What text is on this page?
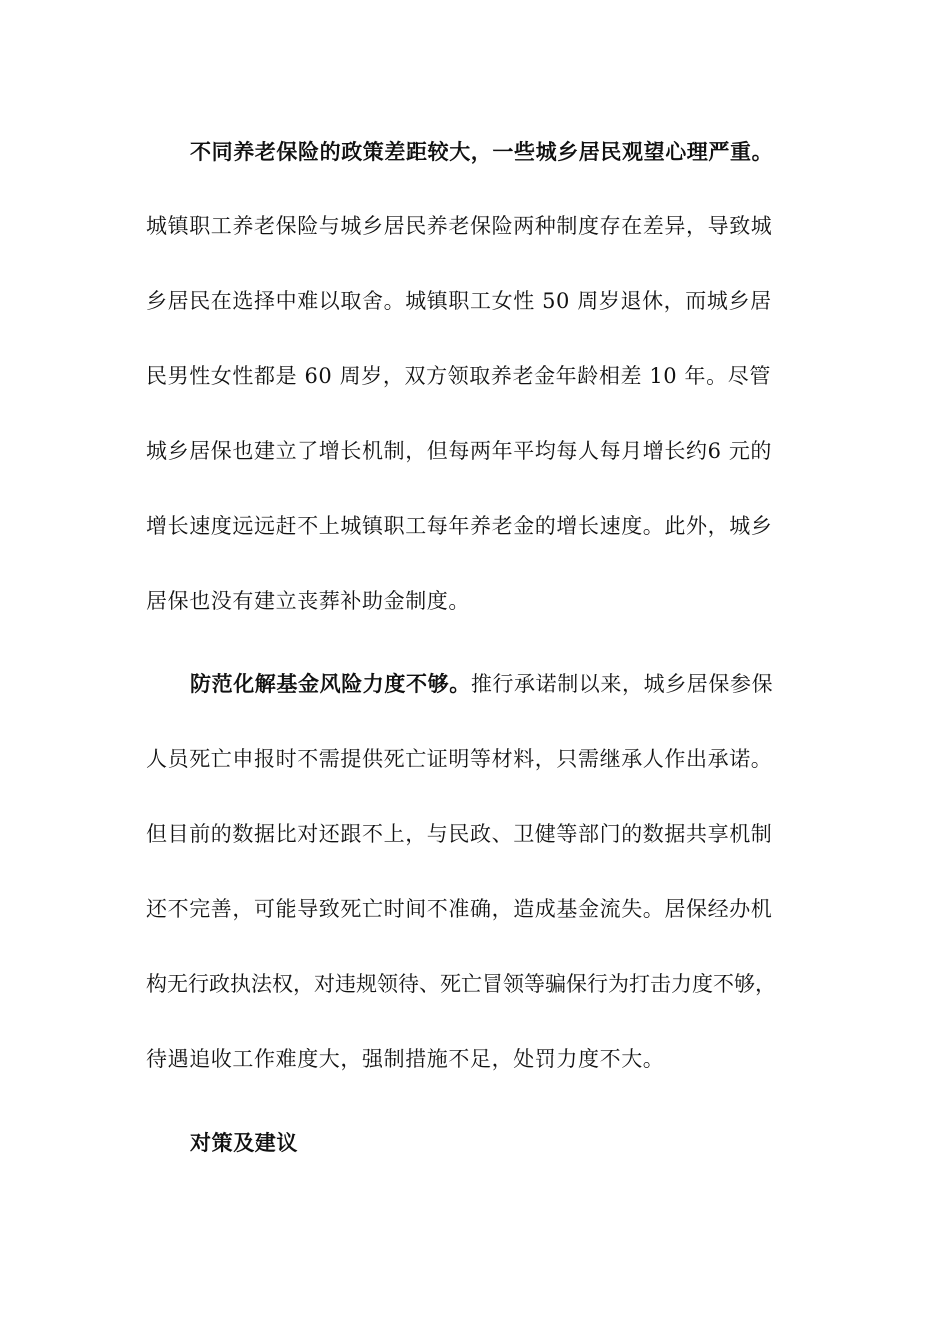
不同养老保险的政策差距较大，一些城乡居民观望心理严重。
城镇职工养老保险与城乡居民养老保险两种制度存在差异，导致城
乡居民在选择中难以取舍。城镇职工女性 50 周岁退休，而城乡居
民男性女性都是 60 周岁，双方领取养老金年龄相差 10 年。尽管
城乡居保也建立了增长机制，但每两年平均每人每月增长约6 元的
增长速度远远赶不上城镇职工每年养老金的增长速度。此外，城乡
居保也没有建立丧葬补助金制度。
防范化解基金风险力度不够。推行承诺制以来，城乡居保参保
人员死亡申报时不需提供死亡证明等材料，只需继承人作出承诺。
但目前的数据比对还跟不上，与民政、卫健等部门的数据共享机制
还不完善，可能导致死亡时间不准确，造成基金流失。居保经办机
构无行政执法权，对违规领待、死亡冒领等骗保行为打击力度不够，
待遇追收工作难度大，强制措施不足，处罚力度不大。
对策及建议
